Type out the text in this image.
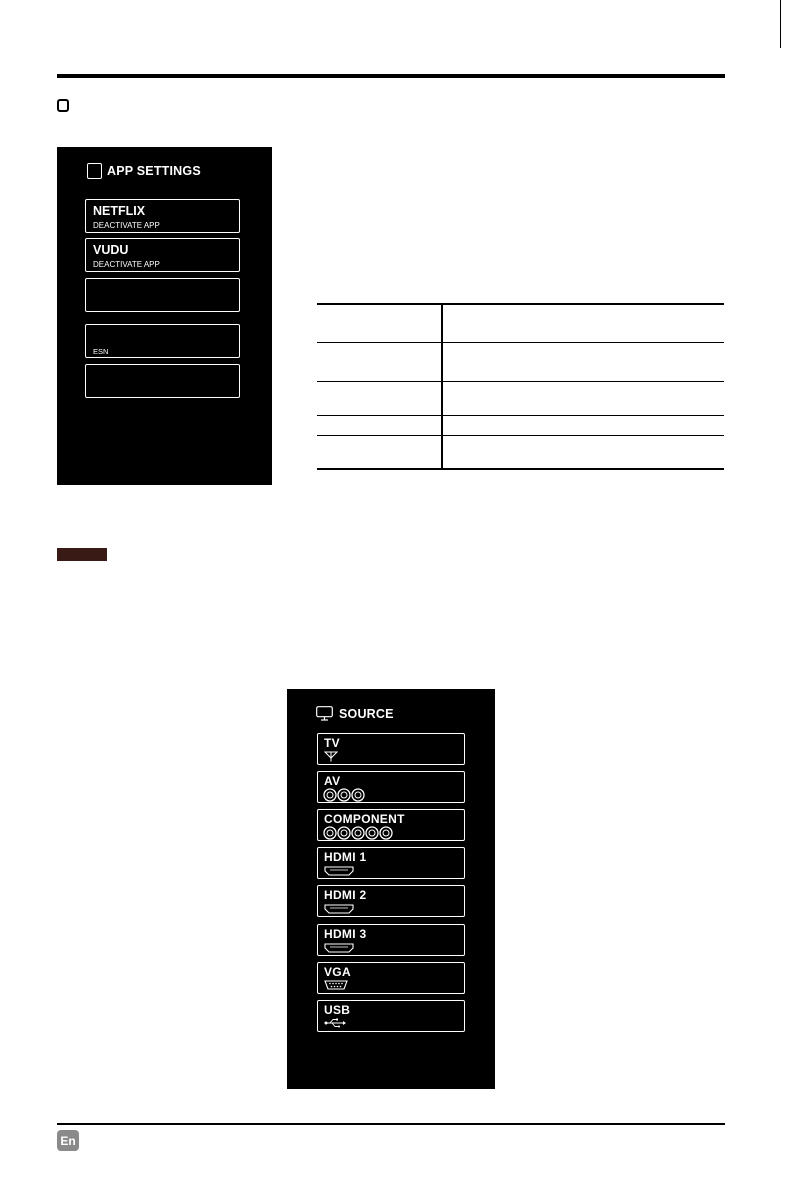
APP SETTINGS
NETFLIX
DEACTIVATE APP
VUDU
DEACTIVATE APP
ESN
SOURCE
TV
AV
COMPONENT
HDMI 1
HDMI 2
HDMI 3
VGA
USB
En
